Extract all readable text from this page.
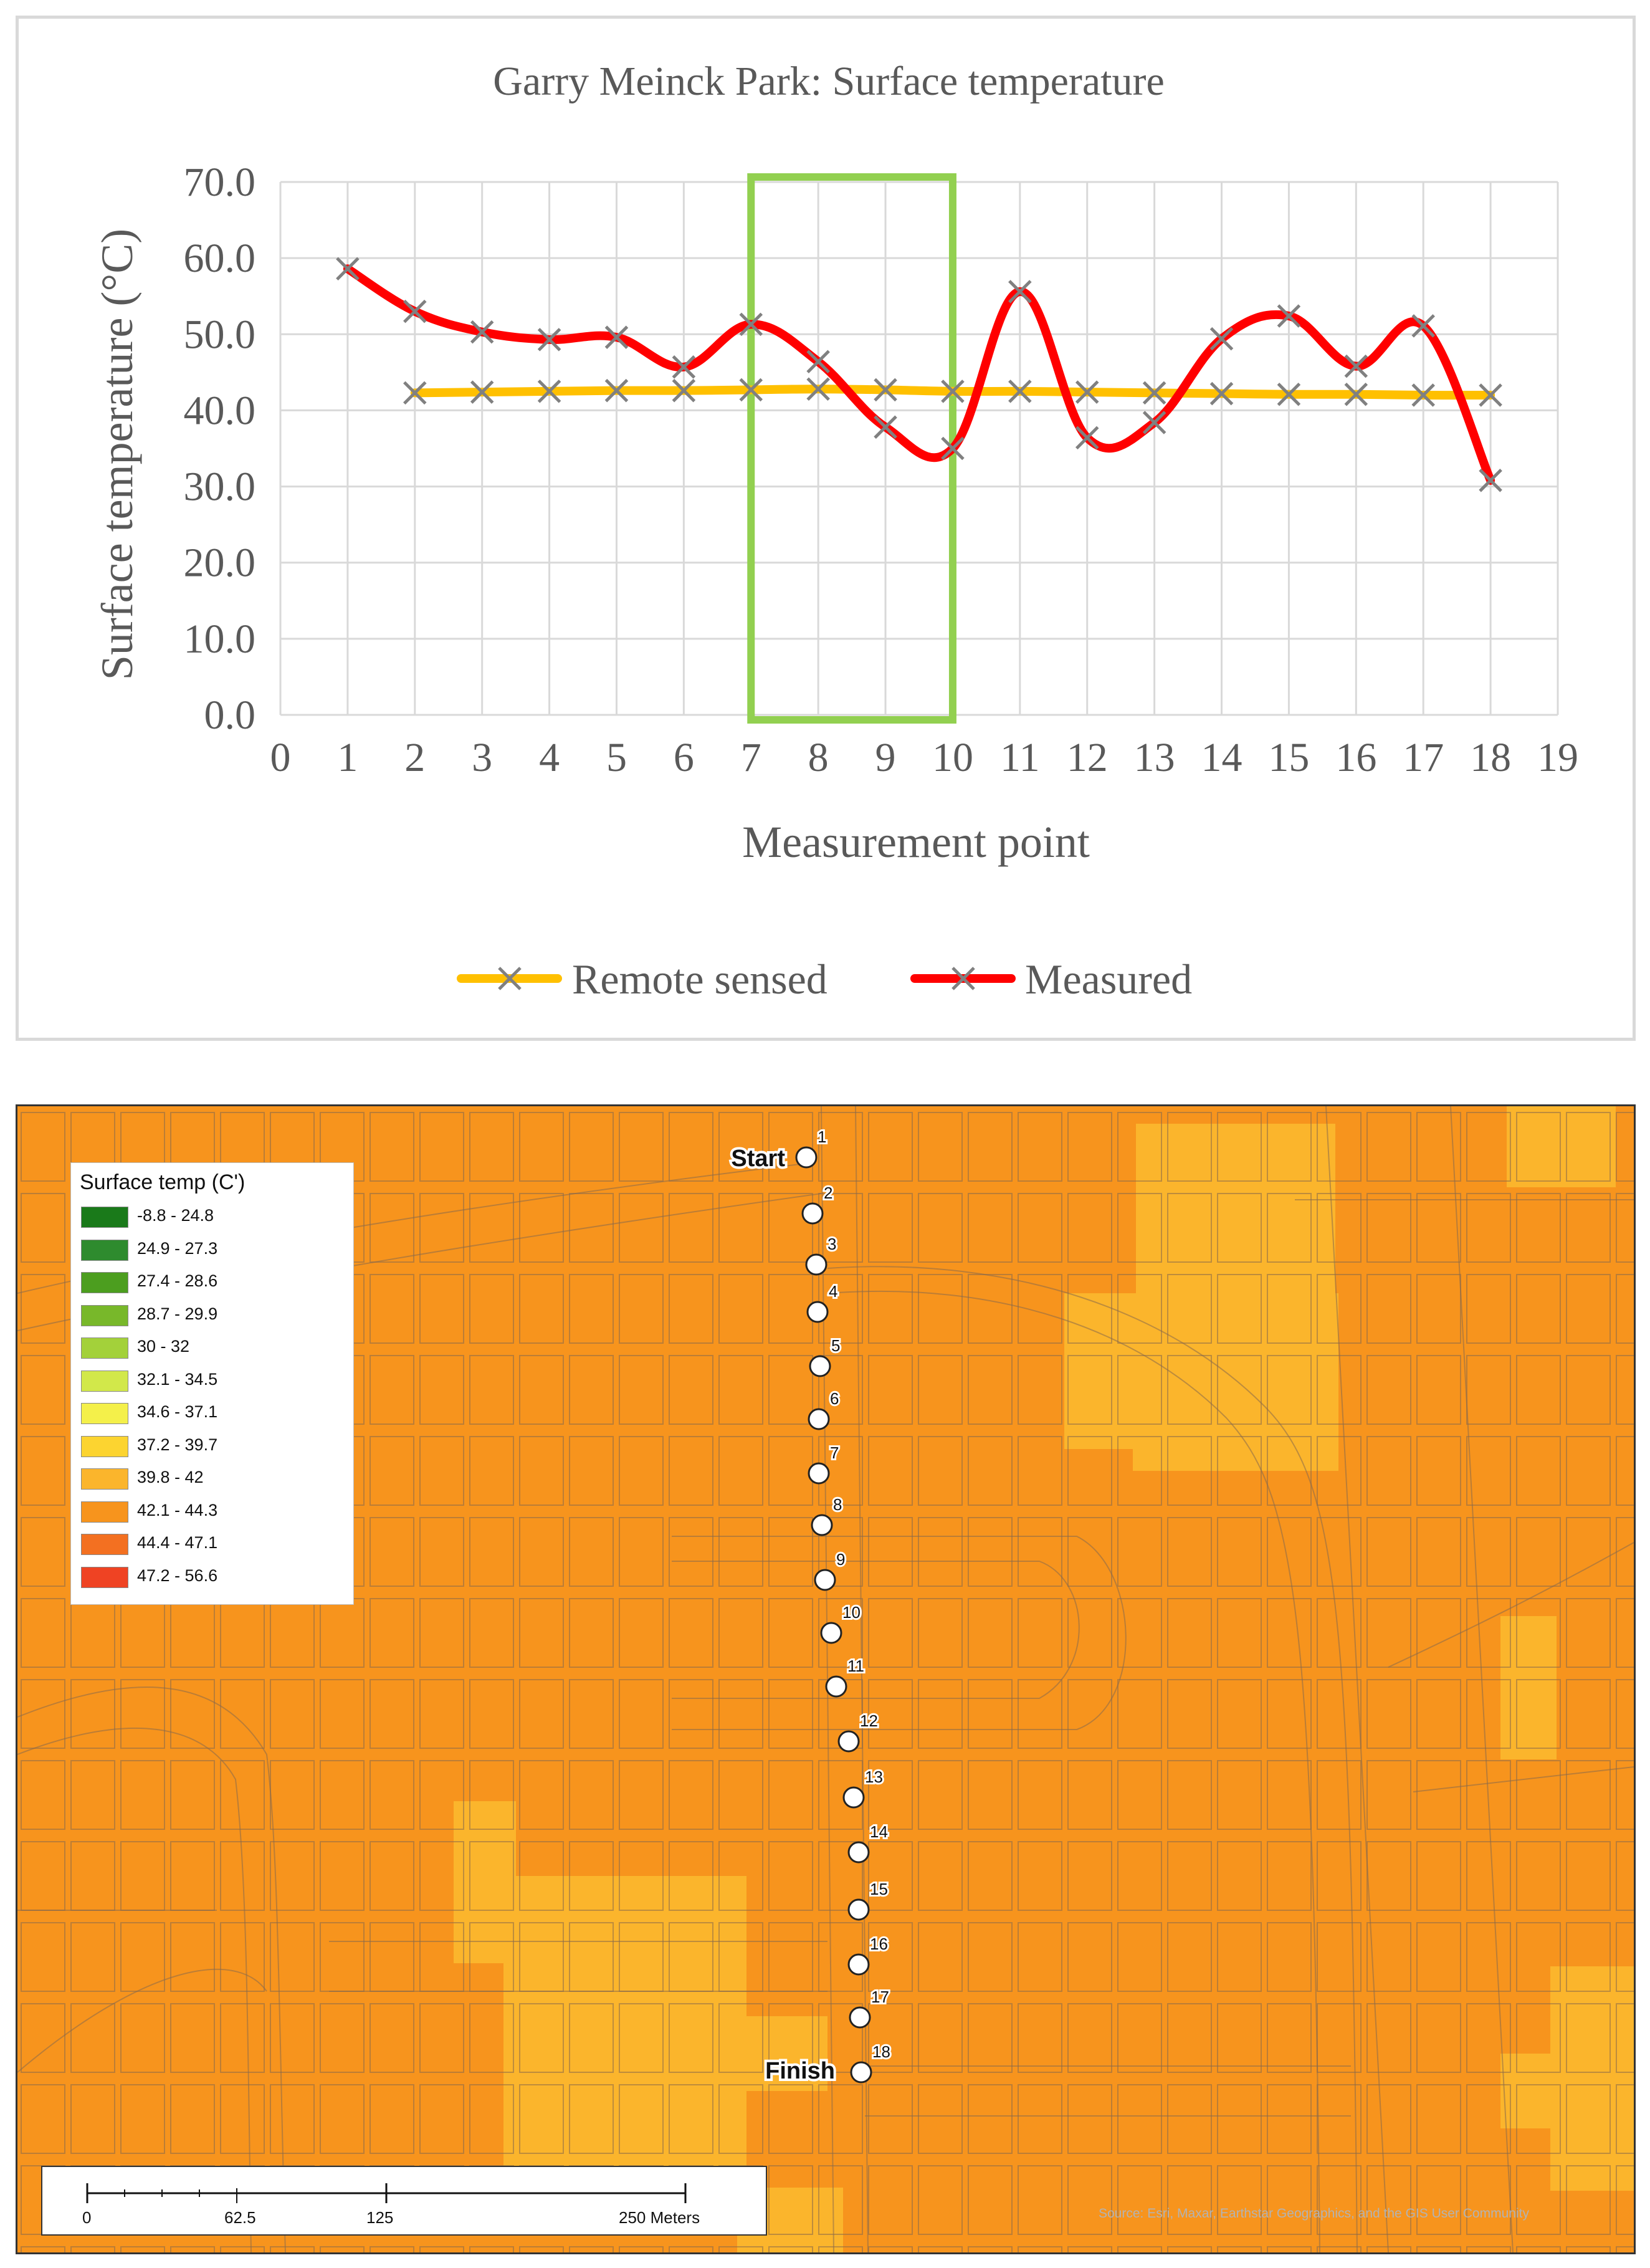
Garry Meinck Park: Surface temperature
0.0
10.0
20.0
30.0
40.0
50.0
60.0
70.0
0 1 2 3 4 5 6 7 8 9 10 11 12 13 14 15 16 17 18 19
Measurement point
Surface temperature (°C)
Remote sensed	Measured
1
2
3
4
5
6
7
8
9
10
11
12
13
14
15
16
17
18
Start
Finish
Surface temp (C')
-8.8 - 24.8
24.9 - 27.3
27.4 - 28.6
28.7 - 29.9
30 - 32
32.1 - 34.5
34.6 - 37.1
37.2 - 39.7
39.8 - 42
42.1 - 44.3
44.4 - 47.1
47.2 - 56.6
0	62.5	125	250 Meters	Source: Esri, Maxar, Earthstar Geographics, and the GIS User Community
